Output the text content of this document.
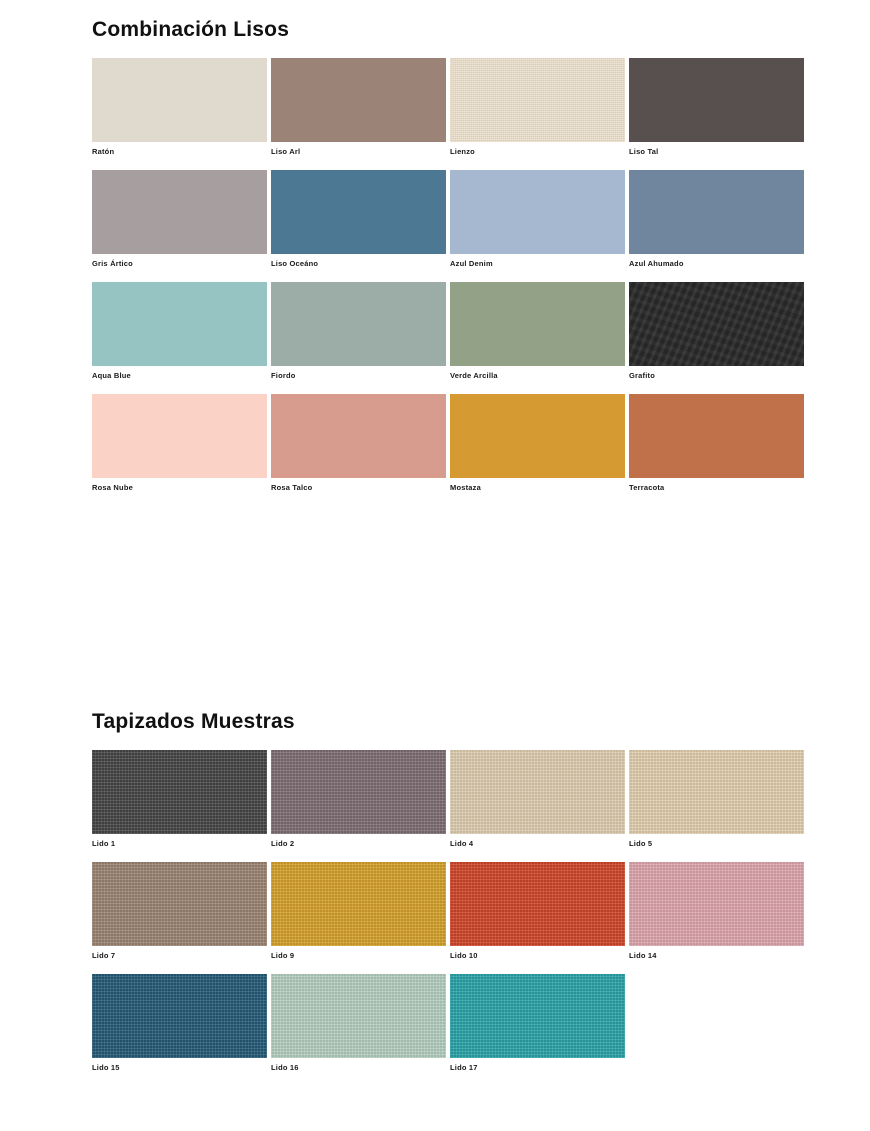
Combinación Lisos
Ratón	Liso Arl	Lienzo	Liso Tal
Gris Ártico	Liso Oceáno	Azul Denim	Azul Ahumado
Aqua Blue	Fiordo	Verde Arcilla	Grafito
Rosa Nube	Rosa Talco	Mostaza	Terracota
Tapizados Muestras
Lido 1	Lido 2	Lido 4	Lido 5
Lido 7	Lido 9	Lido 10	Lido 14
Lido 15	Lido 16	Lido 17
